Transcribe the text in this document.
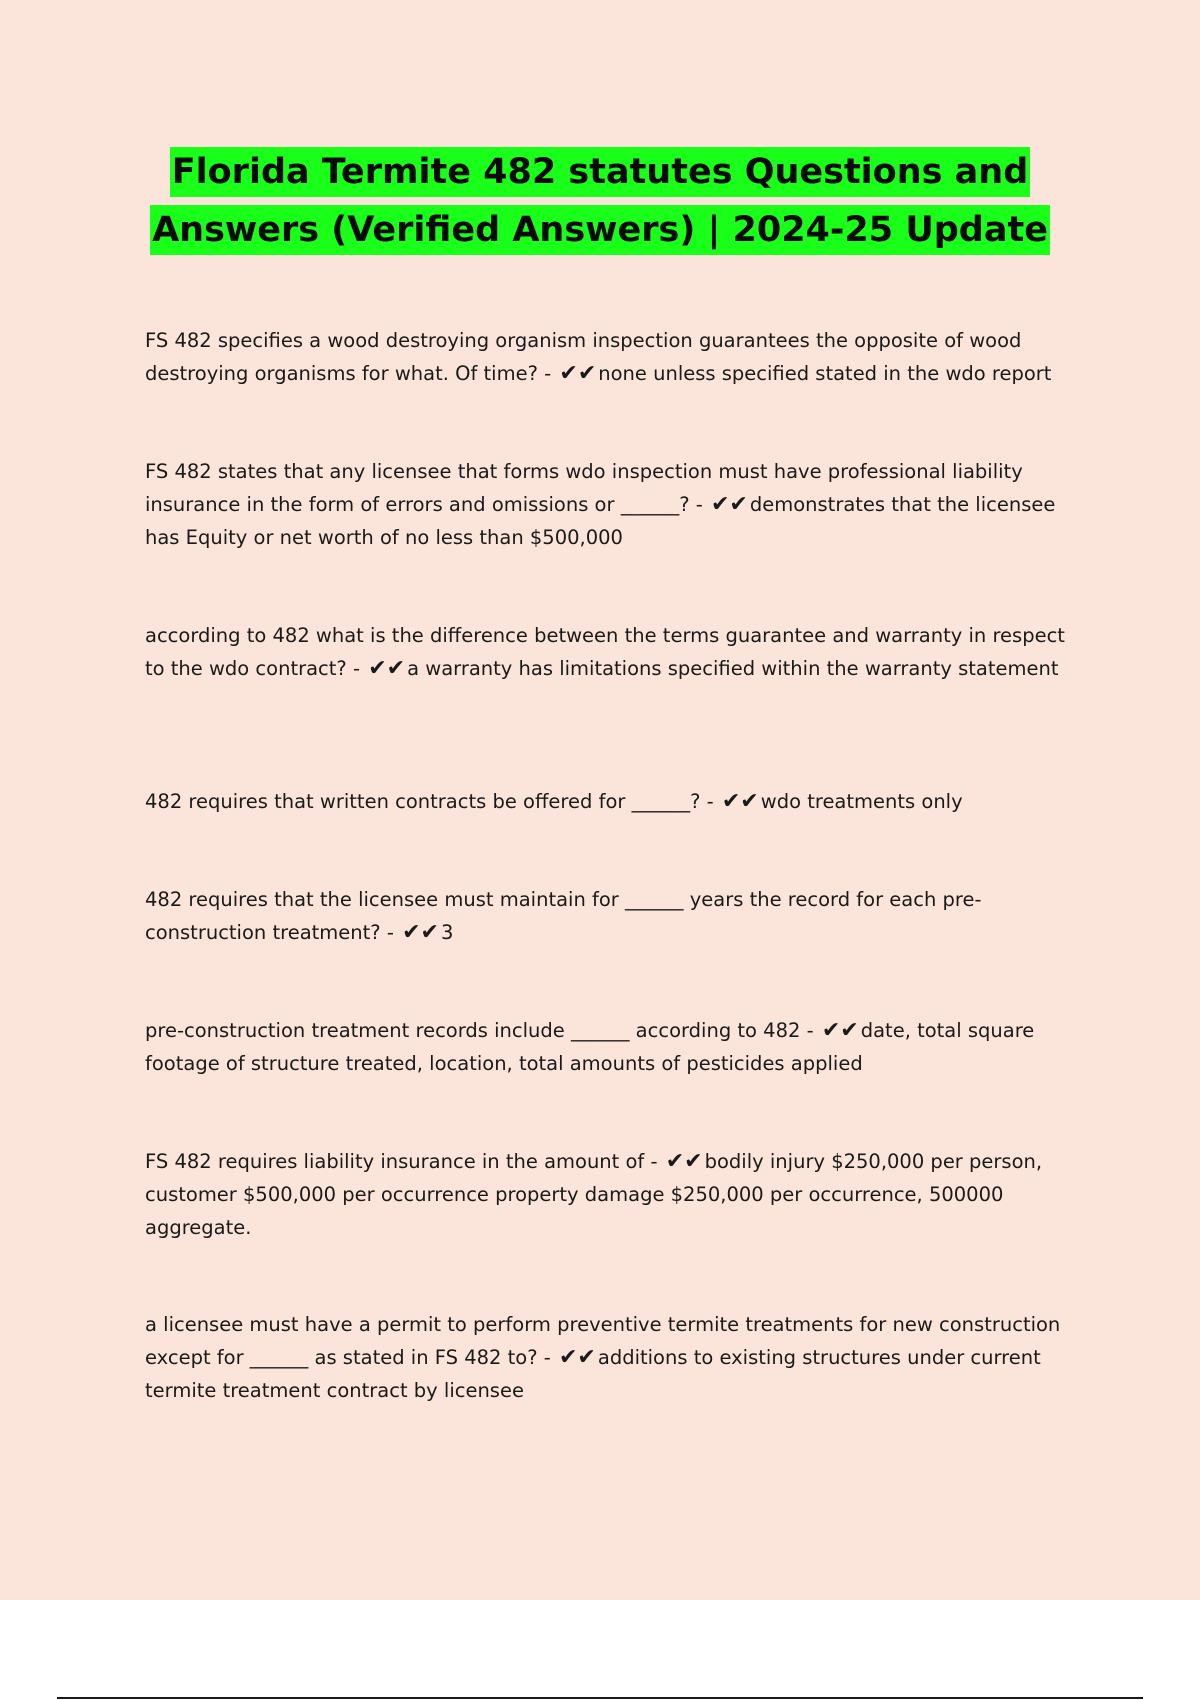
Florida Termite 482 statutes Questions and
Answers (Verified Answers) | 2024-25 Update

FS 482 specifies a wood destroying organism inspection guarantees the opposite of wood destroying organisms for what. Of time? - ✔✔ none unless specified stated in the wdo report

FS 482 states that any licensee that forms wdo inspection must have professional liability insurance in the form of errors and omissions or ______? - ✔✔ demonstrates that the licensee has Equity or net worth of no less than $500,000

according to 482 what is the difference between the terms guarantee and warranty in respect to the wdo contract? - ✔✔ a warranty has limitations specified within the warranty statement

482 requires that written contracts be offered for ______? - ✔✔ wdo treatments only

482 requires that the licensee must maintain for ______ years the record for each pre-construction treatment? - ✔✔ 3

pre-construction treatment records include ______ according to 482 - ✔✔ date, total square footage of structure treated, location, total amounts of pesticides applied

FS 482 requires liability insurance in the amount of - ✔✔ bodily injury $250,000 per person, customer $500,000 per occurrence property damage $250,000 per occurrence, 500000 aggregate.

a licensee must have a permit to perform preventive termite treatments for new construction except for ______ as stated in FS 482 to? - ✔✔ additions to existing structures under current termite treatment contract by licensee
